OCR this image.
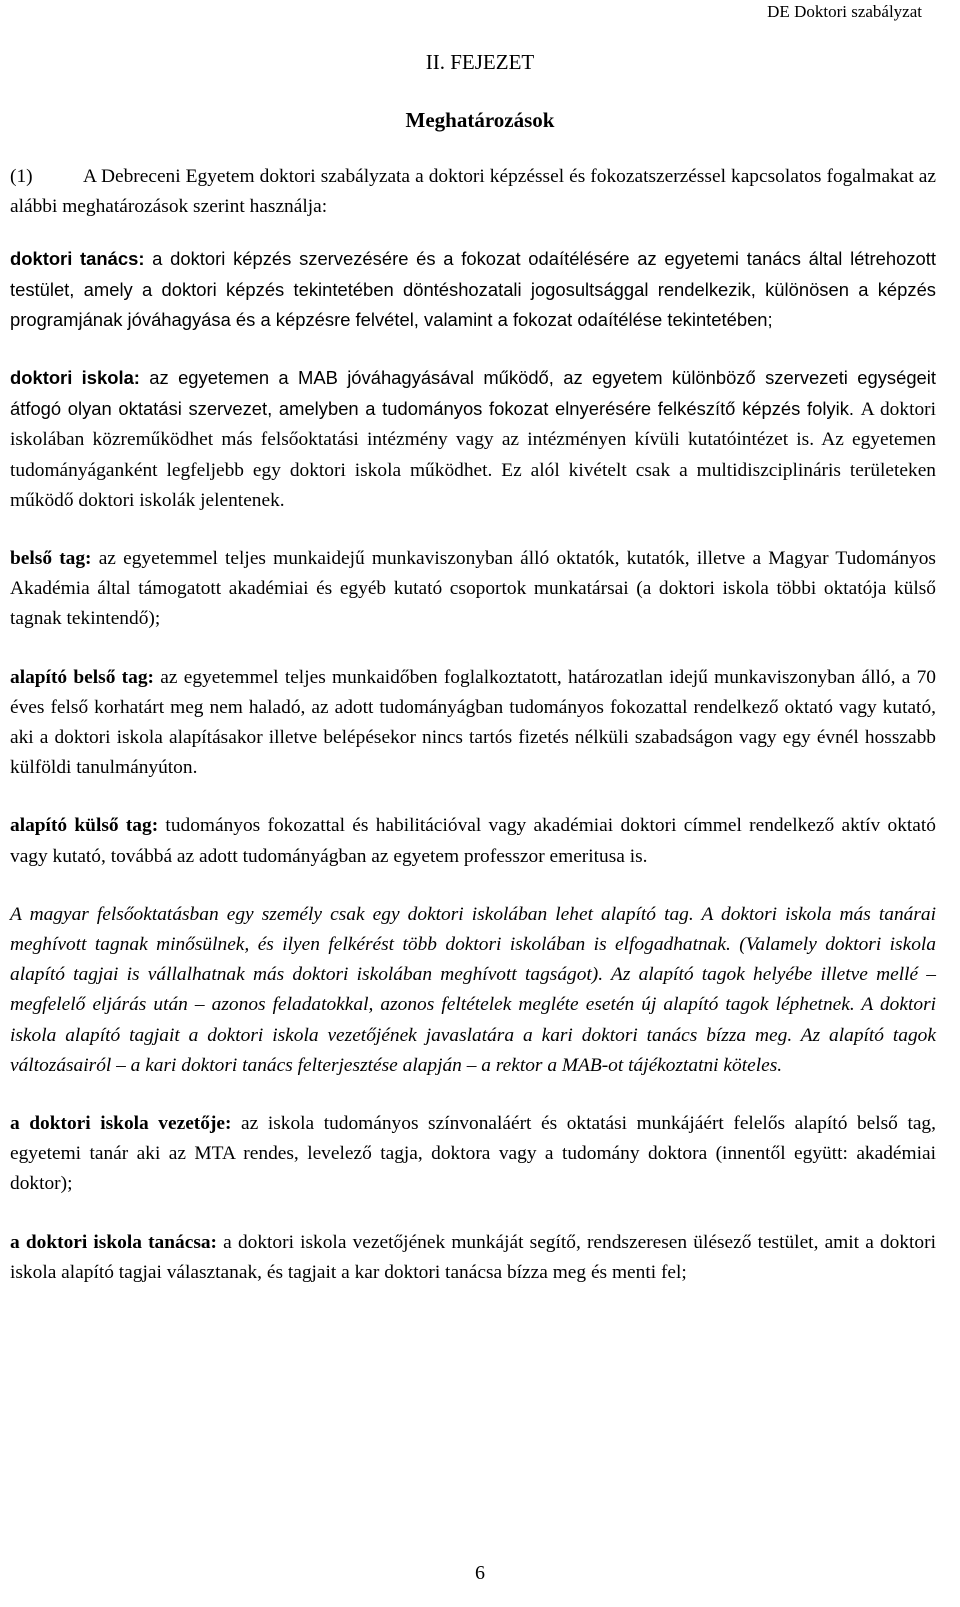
DE Doktori szabályzat
II. FEJEZET
Meghatározások

(1)	A Debreceni Egyetem doktori szabályzata a doktori képzéssel és fokozatszerzéssel kapcsolatos fogalmakat az alábbi meghatározások szerint használja:

doktori tanács: a doktori képzés szervezésére és a fokozat odaítélésére az egyetemi tanács által létrehozott testület, amely a doktori képzés tekintetében döntéshozatali jogosultsággal rendelkezik, különösen a képzés programjának jóváhagyása és a képzésre felvétel, valamint a fokozat odaítélése tekintetében;

doktori iskola: az egyetemen a MAB jóváhagyásával működő, az egyetem különböző szervezeti egységeit átfogó olyan oktatási szervezet, amelyben a tudományos fokozat elnyerésére felkészítő képzés folyik. A doktori iskolában közreműködhet más felsőoktatási intézmény vagy az intézményen kívüli kutatóintézet is. Az egyetemen tudományáganként legfeljebb egy doktori iskola működhet. Ez alól kivételt csak a multidiszciplináris területeken működő doktori iskolák jelentenek.

belső tag: az egyetemmel teljes munkaidejű munkaviszonyban álló oktatók, kutatók, illetve a Magyar Tudományos Akadémia által támogatott akadémiai és egyéb kutató csoportok munkatársai (a doktori iskola többi oktatója külső tagnak tekintendő);

alapító belső tag: az egyetemmel teljes munkaidőben foglalkoztatott, határozatlan idejű munkaviszonyban álló, a 70 éves felső korhatárt meg nem haladó, az adott tudományágban tudományos fokozattal rendelkező oktató vagy kutató, aki a doktori iskola alapításakor illetve belépésekor nincs tartós fizetés nélküli szabadságon vagy egy évnél hosszabb külföldi tanulmányúton.

alapító külső tag: tudományos fokozattal és habilitációval vagy akadémiai doktori címmel rendelkező aktív oktató vagy kutató, továbbá az adott tudományágban az egyetem professzor emeritusa is.

A magyar felsőoktatásban egy személy csak egy doktori iskolában lehet alapító tag. A doktori iskola más tanárai meghívott tagnak minősülnek, és ilyen felkérést több doktori iskolában is elfogadhatnak. (Valamely doktori iskola alapító tagjai is vállalhatnak más doktori iskolában meghívott tagságot). Az alapító tagok helyébe illetve mellé – megfelelő eljárás után – azonos feladatokkal, azonos feltételek megléte esetén új alapító tagok léphetnek. A doktori iskola alapító tagjait a doktori iskola vezetőjének javaslatára a kari doktori tanács bízza meg. Az alapító tagok változásairól – a kari doktori tanács felterjesztése alapján – a rektor a MAB-ot tájékoztatni köteles.

a doktori iskola vezetője: az iskola tudományos színvonaláért és oktatási munkájáért felelős alapító belső tag, egyetemi tanár aki az MTA rendes, levelező tagja, doktora vagy a tudomány doktora (innentől együtt: akadémiai doktor);

a doktori iskola tanácsa: a doktori iskola vezetőjének munkáját segítő, rendszeresen ülésező testület, amit a doktori iskola alapító tagjai választanak, és tagjait a kar doktori tanácsa bízza meg és menti fel;

6
